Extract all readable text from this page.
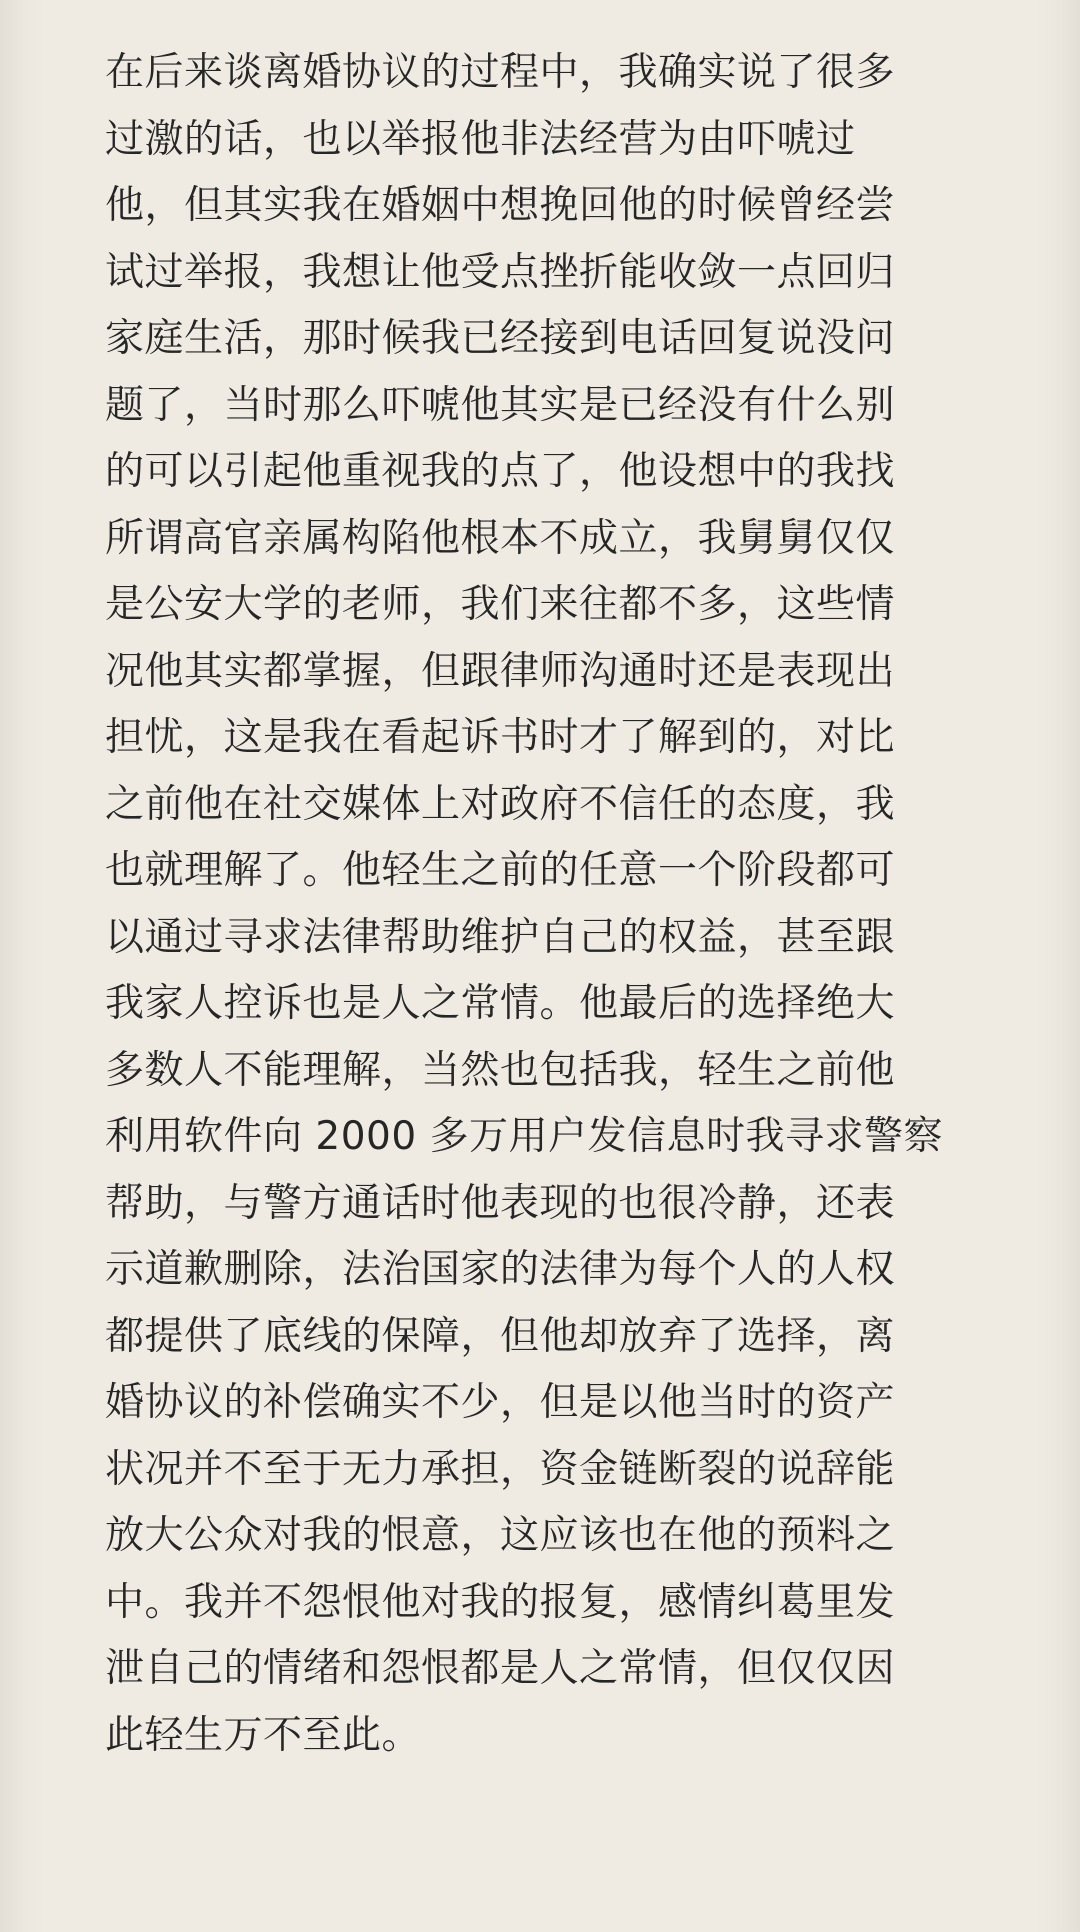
在后来谈离婚协议的过程中，我确实说了很多
过激的话，也以举报他非法经营为由吓唬过
他，但其实我在婚姻中想挽回他的时候曾经尝
试过举报，我想让他受点挫折能收敛一点回归
家庭生活，那时候我已经接到电话回复说没问
题了，当时那么吓唬他其实是已经没有什么别
的可以引起他重视我的点了，他设想中的我找
所谓高官亲属构陷他根本不成立，我舅舅仅仅
是公安大学的老师，我们来往都不多，这些情
况他其实都掌握，但跟律师沟通时还是表现出
担忧，这是我在看起诉书时才了解到的，对比
之前他在社交媒体上对政府不信任的态度，我
也就理解了。他轻生之前的任意一个阶段都可
以通过寻求法律帮助维护自己的权益，甚至跟
我家人控诉也是人之常情。他最后的选择绝大
多数人不能理解，当然也包括我，轻生之前他
利用软件向 2000 多万用户发信息时我寻求警察
帮助，与警方通话时他表现的也很冷静，还表
示道歉删除，法治国家的法律为每个人的人权
都提供了底线的保障，但他却放弃了选择，离
婚协议的补偿确实不少，但是以他当时的资产
状况并不至于无力承担，资金链断裂的说辞能
放大公众对我的恨意，这应该也在他的预料之
中。我并不怨恨他对我的报复，感情纠葛里发
泄自己的情绪和怨恨都是人之常情，但仅仅因
此轻生万不至此。
